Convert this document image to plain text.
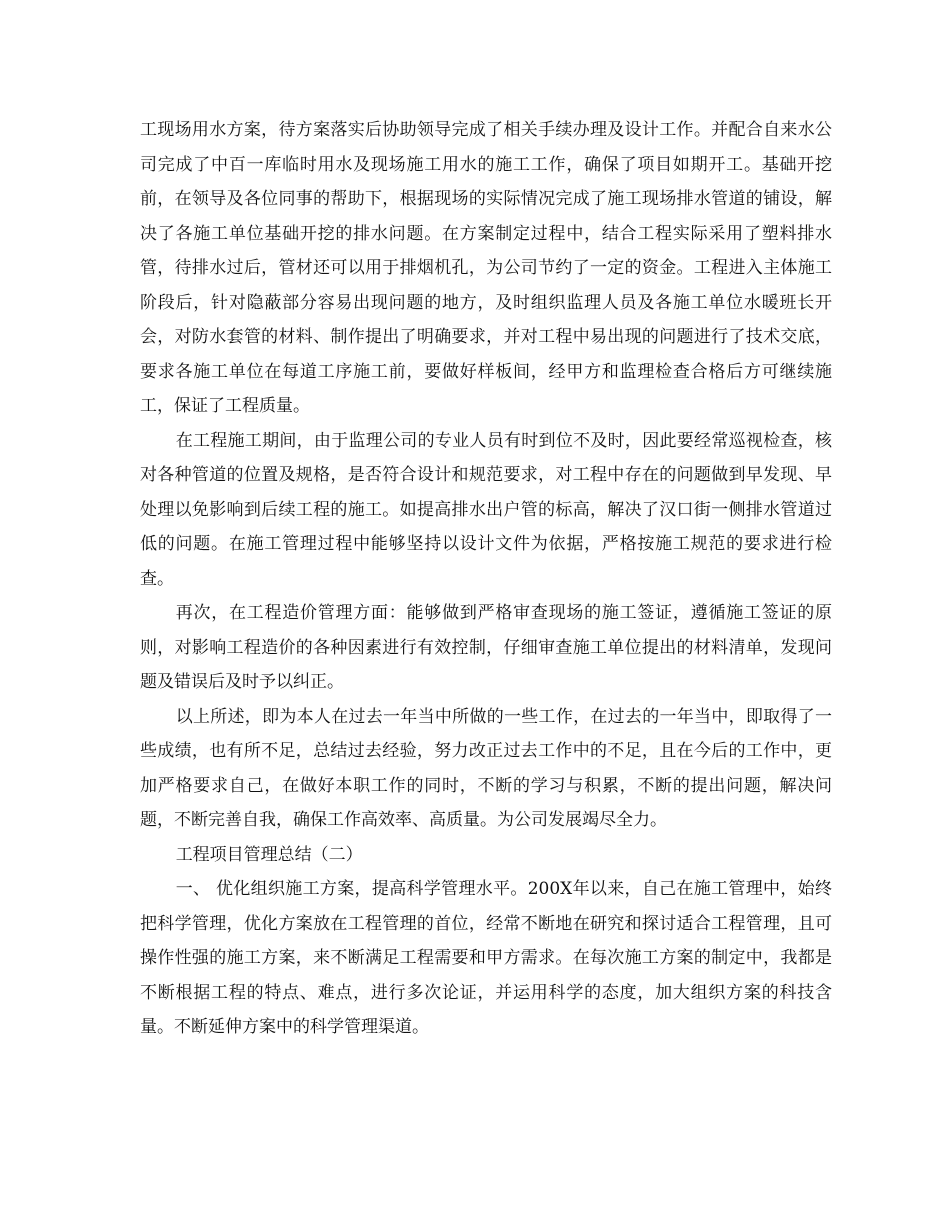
工现场用水方案，待方案落实后协助领导完成了相关手续办理及设计工作。并配合自来水公司完成了中百一库临时用水及现场施工用水的施工工作，确保了项目如期开工。基础开挖前，在领导及各位同事的帮助下，根据现场的实际情况完成了施工现场排水管道的铺设，解决了各施工单位基础开挖的排水问题。在方案制定过程中，结合工程实际采用了塑料排水管，待排水过后，管材还可以用于排烟机孔，为公司节约了一定的资金。工程进入主体施工阶段后，针对隐蔽部分容易出现问题的地方，及时组织监理人员及各施工单位水暖班长开会，对防水套管的材料、制作提出了明确要求，并对工程中易出现的问题进行了技术交底，要求各施工单位在每道工序施工前，要做好样板间，经甲方和监理检查合格后方可继续施工，保证了工程质量。

在工程施工期间，由于监理公司的专业人员有时到位不及时，因此要经常巡视检查，核对各种管道的位置及规格，是否符合设计和规范要求，对工程中存在的问题做到早发现、早处理以免影响到后续工程的施工。如提高排水出户管的标高，解决了汉口街一侧排水管道过低的问题。在施工管理过程中能够坚持以设计文件为依据，严格按施工规范的要求进行检查。

再次，在工程造价管理方面：能够做到严格审查现场的施工签证，遵循施工签证的原则，对影响工程造价的各种因素进行有效控制，仔细审查施工单位提出的材料清单，发现问题及错误后及时予以纠正。

以上所述，即为本人在过去一年当中所做的一些工作，在过去的一年当中，即取得了一些成绩，也有所不足，总结过去经验，努力改正过去工作中的不足，且在今后的工作中，更加严格要求自己，在做好本职工作的同时，不断的学习与积累，不断的提出问题，解决问题，不断完善自我，确保工作高效率、高质量。为公司发展竭尽全力。

工程项目管理总结（二）

一、 优化组织施工方案，提高科学管理水平。200X年以来，自己在施工管理中，始终把科学管理，优化方案放在工程管理的首位，经常不断地在研究和探讨适合工程管理，且可操作性强的施工方案，来不断满足工程需要和甲方需求。在每次施工方案的制定中，我都是不断根据工程的特点、难点，进行多次论证，并运用科学的态度，加大组织方案的科技含量。不断延伸方案中的科学管理渠道。
